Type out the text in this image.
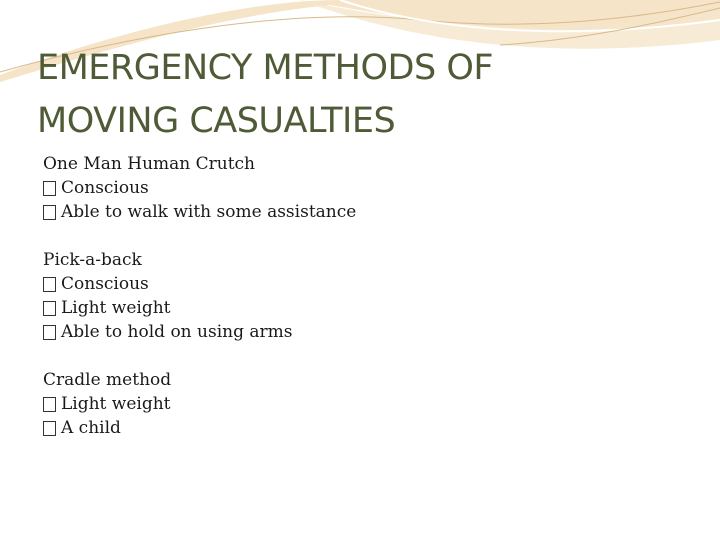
EMERGENCY METHODS OF
MOVING CASUALTIES
One Man Human Crutch
Conscious
Able to walk with some assistance
Pick-a-back
Conscious
Light weight
Able to hold on using arms
Cradle method
Light weight
A child
